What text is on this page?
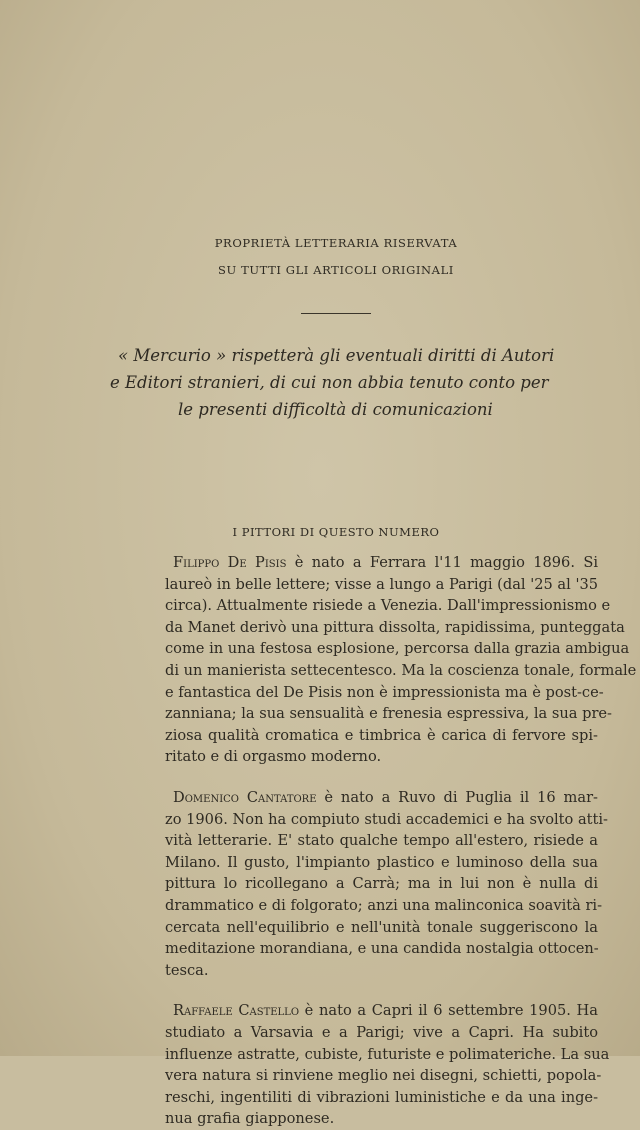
PROPRIETÀ LETTERARIA RISERVATA
SU TUTTI GLI ARTICOLI ORIGINALI
« Mercurio » rispetterà gli eventuali diritti di Autori
e Editori stranieri, di cui non abbia tenuto conto per
le presenti difficoltà di comunicazioni
I PITTORI DI QUESTO NUMERO
Filippo De Pisis è nato a Ferrara l'11 maggio 1896. Si
laureò in belle lettere; visse a lungo a Parigi (dal '25 al '35
circa). Attualmente risiede a Venezia. Dall'impressionismo e
da Manet derivò una pittura dissolta, rapidissima, punteggata
come in una festosa esplosione, percorsa dalla grazia ambigua
di un manierista settecentesco. Ma la coscienza tonale, formale
e fantastica del De Pisis non è impressionista ma è post-ce-
zanniana; la sua sensualità e frenesia espressiva, la sua pre-
ziosa qualità cromatica e timbrica è carica di fervore spi-
ritato e di orgasmo moderno.
Domenico Cantatore è nato a Ruvo di Puglia il 16 mar-
zo 1906. Non ha compiuto studi accademici e ha svolto atti-
vità letterarie. E' stato qualche tempo all'estero, risiede a
Milano. Il gusto, l'impianto plastico e luminoso della sua
pittura lo ricollegano a Carrà; ma in lui non è nulla di
drammatico e di folgorato; anzi una malinconica soavità ri-
cercata nell'equilibrio e nell'unità tonale suggeriscono la
meditazione morandiana, e una candida nostalgia ottocen-
tesca.
Raffaele Castello è nato a Capri il 6 settembre 1905. Ha
studiato a Varsavia e a Parigi; vive a Capri. Ha subito
influenze astratte, cubiste, futuriste e polimateriche. La sua
vera natura si rinviene meglio nei disegni, schietti, popola-
reschi, ingentiliti di vibrazioni luministiche e da una inge-
nua grafia giapponese.
